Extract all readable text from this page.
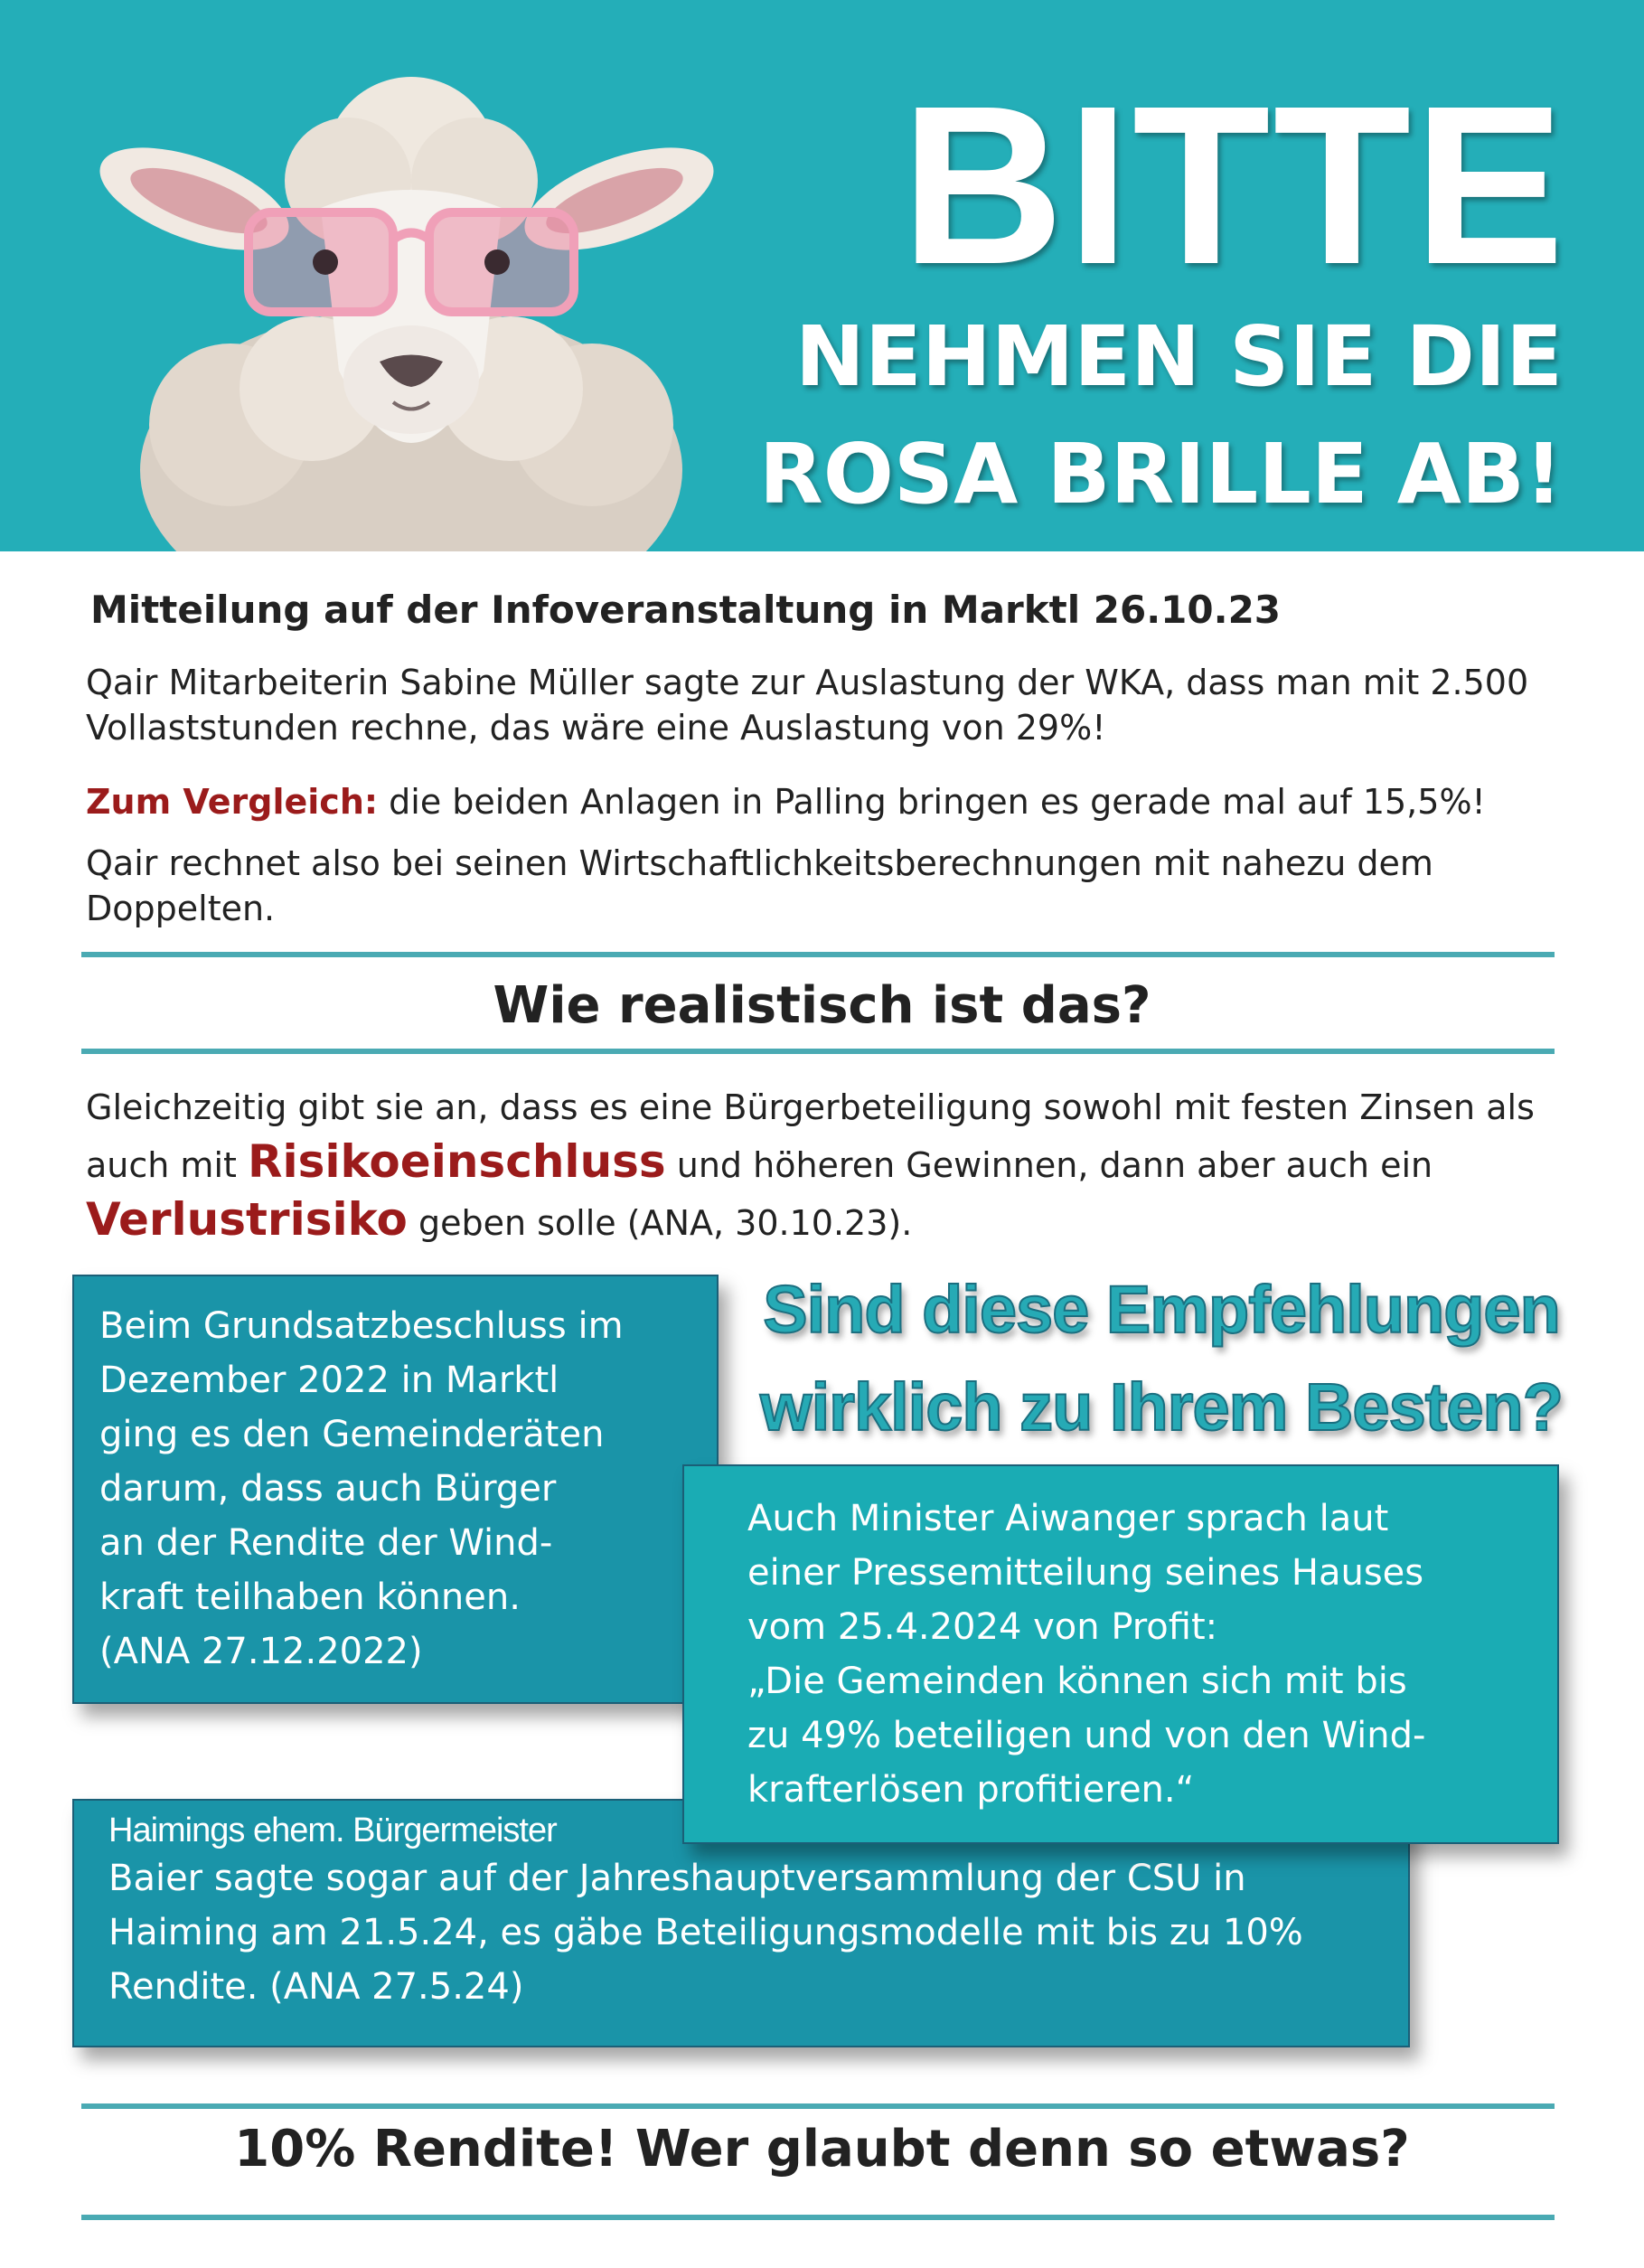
BITTE
NEHMEN SIE DIE
ROSA BRILLE AB!
Mitteilung auf der Infoveranstaltung in Marktl 26.10.23
Qair Mitarbeiterin Sabine Müller sagte zur Auslastung der WKA, dass man mit 2.500 Vollaststunden rechne, das wäre eine Auslastung von 29%!
Zum Vergleich: die beiden Anlagen in Palling bringen es gerade mal auf 15,5%!
Qair rechnet also bei seinen Wirtschaftlichkeitsberechnungen mit nahezu dem Doppelten.
Wie realistisch ist das?
Gleichzeitig gibt sie an, dass es eine Bürgerbeteiligung sowohl mit festen Zinsen als auch mit Risikoeinschluss und höheren Gewinnen, dann aber auch ein Verlustrisiko geben solle (ANA, 30.10.23).
Beim Grundsatzbeschluss im
Dezember 2022 in Marktl
ging es den Gemeinderäten
darum, dass auch Bürger
an der Rendite der Wind-
kraft teilhaben können.
(ANA 27.12.2022)
Sind diese Empfehlungen
wirklich zu Ihrem Besten?
Haimings ehem. Bürgermeister
Baier sagte sogar auf der Jahreshauptversammlung der CSU in
Haiming am 21.5.24, es gäbe Beteiligungsmodelle mit bis zu 10%
Rendite. (ANA 27.5.24)
Auch Minister Aiwanger sprach laut
einer Pressemitteilung seines Hauses
vom 25.4.2024 von Profit:
„Die Gemeinden können sich mit bis
zu 49% beteiligen und von den Wind-
krafterlösen profitieren.“
10% Rendite! Wer glaubt denn so etwas?
